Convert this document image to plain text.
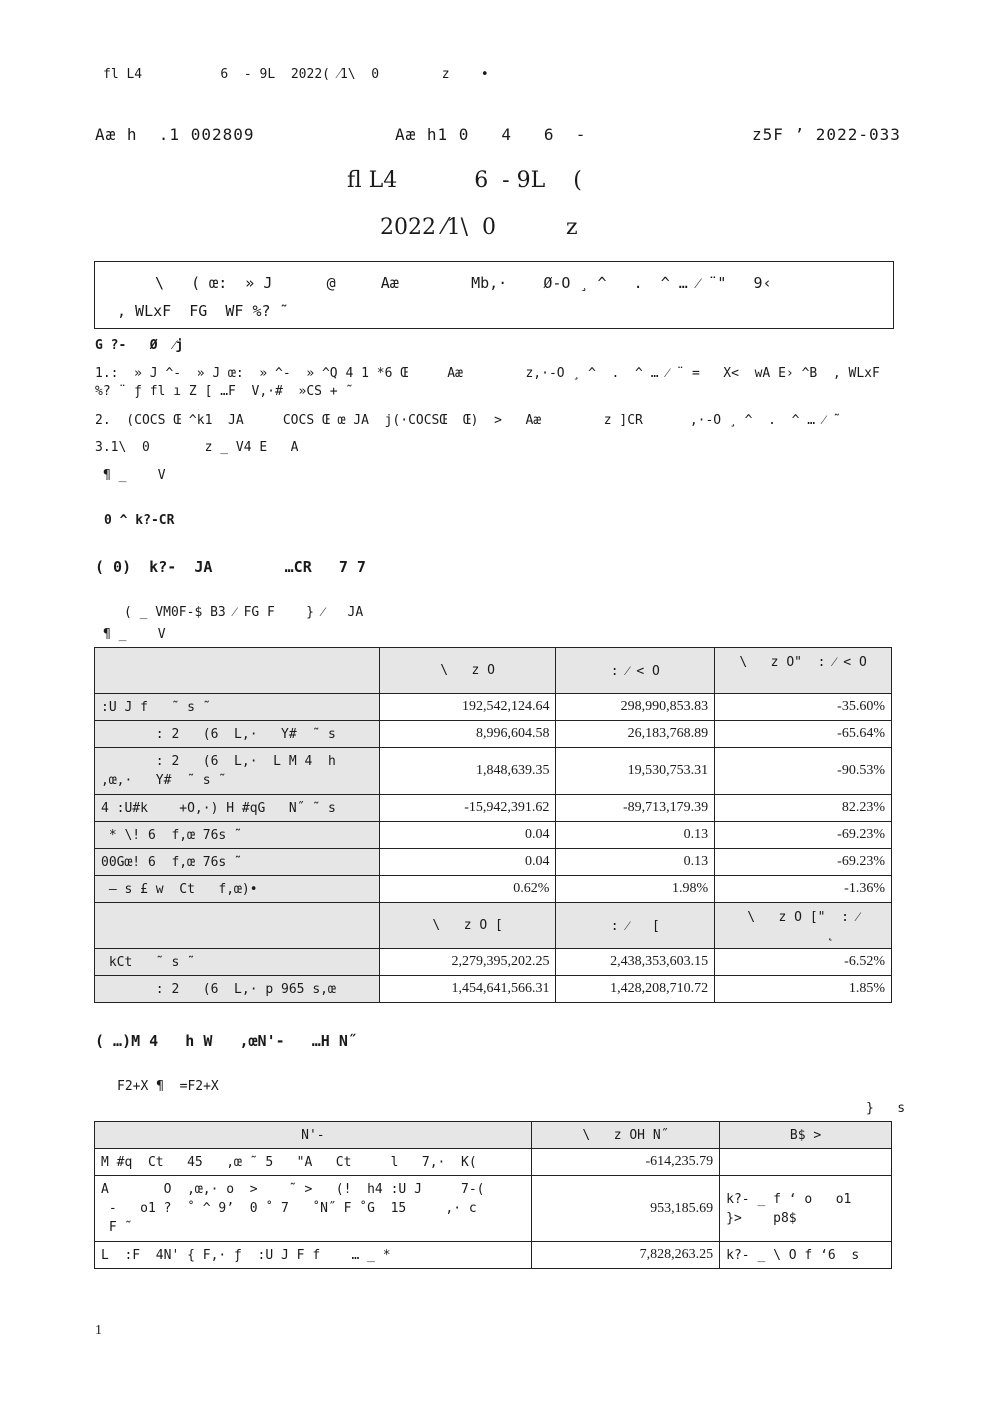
fl L4          6  - 9L  2022( ⁄1\  0        z    •
Aæ h  .1 002809	Aæ h1 0   4   6  -	z5F ’ 2022-033
fl L4           6  - 9L    (
2022 ⁄1\  0          z
\   ( œ:  » J      @     Aæ        Mb,·    Ø-O ¸ ^   .  ^ … ⁄ ¨"   9‹
, WLxF  FG  WF %? ˜
G ?-   Ø  ⁄j
1.:  » J ^-  » J œ:  » ^-  » ^Q 4 1 *6 Œ     Aæ        z,·-O ¸ ^  .  ^ … ⁄ ¨ =   X<  wA E› ^B  , WLxF
%? ¨ ƒ fl ı Z [ …F  V,·#  »CS + ˜
2.  (COCS Œ ^k1  JA     COCS Œ œ JA  j(·COCSŒ  Œ)  >   Aæ        z ]CR      ,·-O ¸ ^  .  ^ … ⁄ ˜
3.1\  0       z _ V4 E   A
¶ _    V
0 ^ k?-CR
( 0)  k?-  JA        …CR   7 7
( _ VM0F-$ B3 ⁄ FG F    } ⁄   JA
¶ _    V
	\   z O	: ⁄ < O	\   z O"  : ⁄ < O
:U J f   ˜ s ˜	192,542,124.64	298,990,853.83	-35.60%
: 2   (6  L,·   Y#  ˜ s	8,996,604.58	26,183,768.89	-65.64%
: 2   (6  L,·  L M 4  h
,œ,·   Y#  ˜ s ˜	1,848,639.35	19,530,753.31	-90.53%
4 :U#k    +O,·) H #qG   N˝ ˜ s	-15,942,391.62	-89,713,179.39	82.23%
* \! 6  f,œ 76s ˜	0.04	0.13	-69.23%
00Gœ! 6  f,œ 76s ˜	0.04	0.13	-69.23%
— s £ w  Ct   f,œ)•	0.62%	1.98%	-1.36%
	\   z O [	: ⁄   [	\   z O ["  : ⁄
˛
kCt   ˜ s ˜	2,279,395,202.25	2,438,353,603.15	-6.52%
: 2   (6  L,· p 965 s,œ	1,454,641,566.31	1,428,208,710.72	1.85%
( …)M 4   h W   ,œN'-   …H N˝
F2+X ¶  =F2+X
}   s
N'-	\   z OH N˝	B$ >
M #q  Ct   45   ,œ ˜ 5   "A   Ct     l   7,·  K(	-614,235.79	
A       O  ,œ,· o  >    ˜ >   (!  h4 :U J     7-(
-   o1 ?  ˚ ^ 9’  0 ˚ 7   ˚N˝ F ˚G  15     ,· c
F ˜	953,185.69	k?- _ f ‘ o   o1
}>    p8$
L  :F  4N' { F,· ƒ  :U J F f    … _ *	7,828,263.25	k?- _ \ O f ‘6  s
1
